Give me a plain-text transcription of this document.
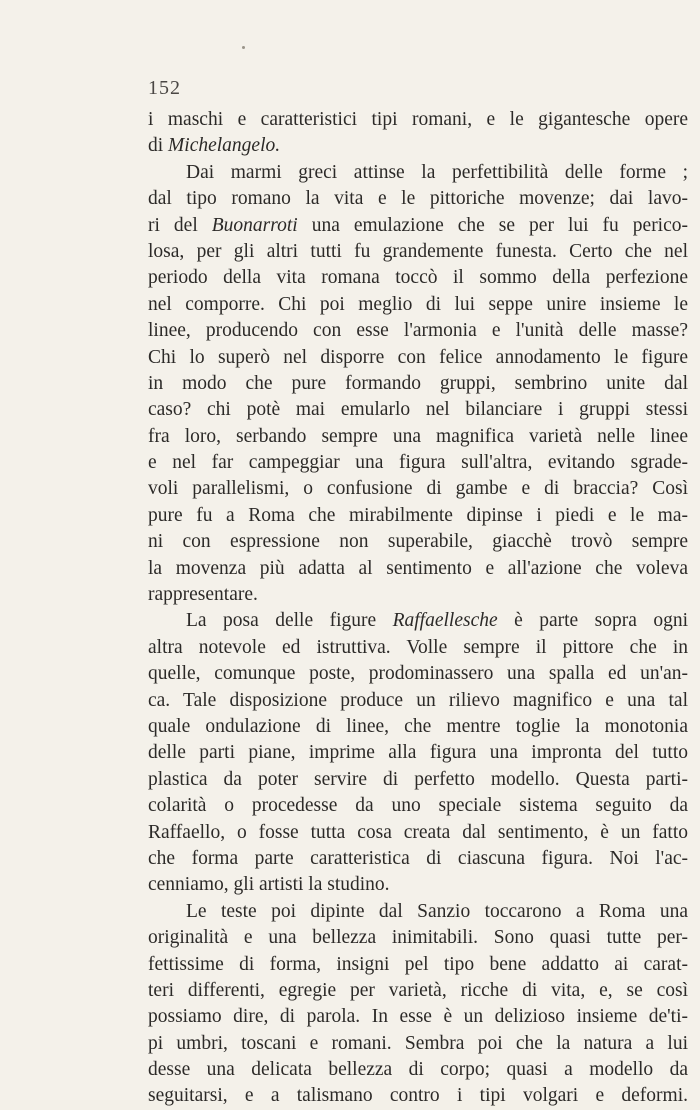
152
i maschi e caratteristici tipi romani, e le gigantesche opere
di Michelangelo.
Dai marmi greci attinse la perfettibilità delle forme ;
dal tipo romano la vita e le pittoriche movenze; dai lavo-
ri del Buonarroti una emulazione che se per lui fu perico-
losa, per gli altri tutti fu grandemente funesta. Certo che nel
periodo della vita romana toccò il sommo della perfezione
nel comporre. Chi poi meglio di lui seppe unire insieme le
linee, producendo con esse l'armonia e l'unità delle masse?
Chi lo superò nel disporre con felice annodamento le figure
in modo che pure formando gruppi, sembrino unite dal
caso? chi potè mai emularlo nel bilanciare i gruppi stessi
fra loro, serbando sempre una magnifica varietà nelle linee
e nel far campeggiar una figura sull'altra, evitando sgrade-
voli parallelismi, o confusione di gambe e di braccia? Così
pure fu a Roma che mirabilmente dipinse i piedi e le ma-
ni con espressione non superabile, giacchè trovò sempre
la movenza più adatta al sentimento e all'azione che voleva
rappresentare.
La posa delle figure Raffaellesche è parte sopra ogni
altra notevole ed istruttiva. Volle sempre il pittore che in
quelle, comunque poste, prodominassero una spalla ed un'an-
ca. Tale disposizione produce un rilievo magnifico e una tal
quale ondulazione di linee, che mentre toglie la monotonia
delle parti piane, imprime alla figura una impronta del tutto
plastica da poter servire di perfetto modello. Questa parti-
colarità o procedesse da uno speciale sistema seguito da
Raffaello, o fosse tutta cosa creata dal sentimento, è un fatto
che forma parte caratteristica di ciascuna figura. Noi l'ac-
cenniamo, gli artisti la studino.
Le teste poi dipinte dal Sanzio toccarono a Roma una
originalità e una bellezza inimitabili. Sono quasi tutte per-
fettissime di forma, insigni pel tipo bene addatto ai carat-
teri differenti, egregie per varietà, ricche di vita, e, se così
possiamo dire, di parola. In esse è un delizioso insieme de'ti-
pi umbri, toscani e romani. Sembra poi che la natura a lui
desse una delicata bellezza di corpo; quasi a modello da
seguitarsi, e a talismano contro i tipi volgari e deformi.
